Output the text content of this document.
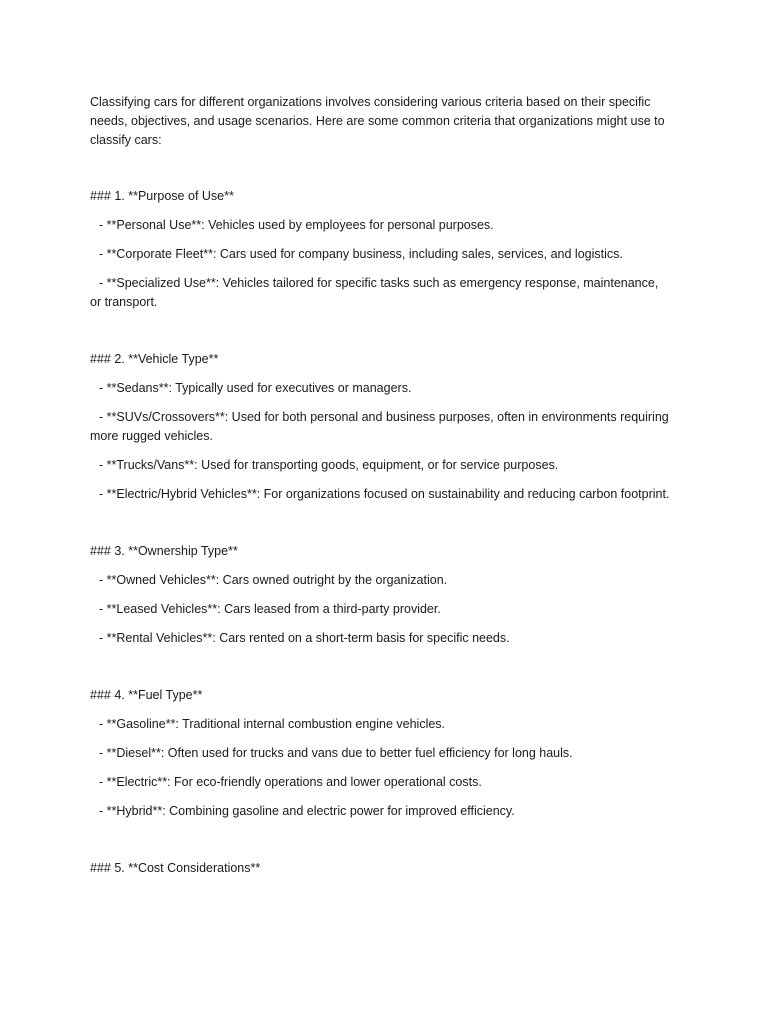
Classifying cars for different organizations involves considering various criteria based on their specific needs, objectives, and usage scenarios. Here are some common criteria that organizations might use to classify cars:

### 1. **Purpose of Use**

- **Personal Use**: Vehicles used by employees for personal purposes.

- **Corporate Fleet**: Cars used for company business, including sales, services, and logistics.

- **Specialized Use**: Vehicles tailored for specific tasks such as emergency response, maintenance, or transport.

### 2. **Vehicle Type**

- **Sedans**: Typically used for executives or managers.

- **SUVs/Crossovers**: Used for both personal and business purposes, often in environments requiring more rugged vehicles.

- **Trucks/Vans**: Used for transporting goods, equipment, or for service purposes.

- **Electric/Hybrid Vehicles**: For organizations focused on sustainability and reducing carbon footprint.

### 3. **Ownership Type**

- **Owned Vehicles**: Cars owned outright by the organization.

- **Leased Vehicles**: Cars leased from a third-party provider.

- **Rental Vehicles**: Cars rented on a short-term basis for specific needs.

### 4. **Fuel Type**

- **Gasoline**: Traditional internal combustion engine vehicles.

- **Diesel**: Often used for trucks and vans due to better fuel efficiency for long hauls.

- **Electric**: For eco-friendly operations and lower operational costs.

- **Hybrid**: Combining gasoline and electric power for improved efficiency.

### 5. **Cost Considerations**
